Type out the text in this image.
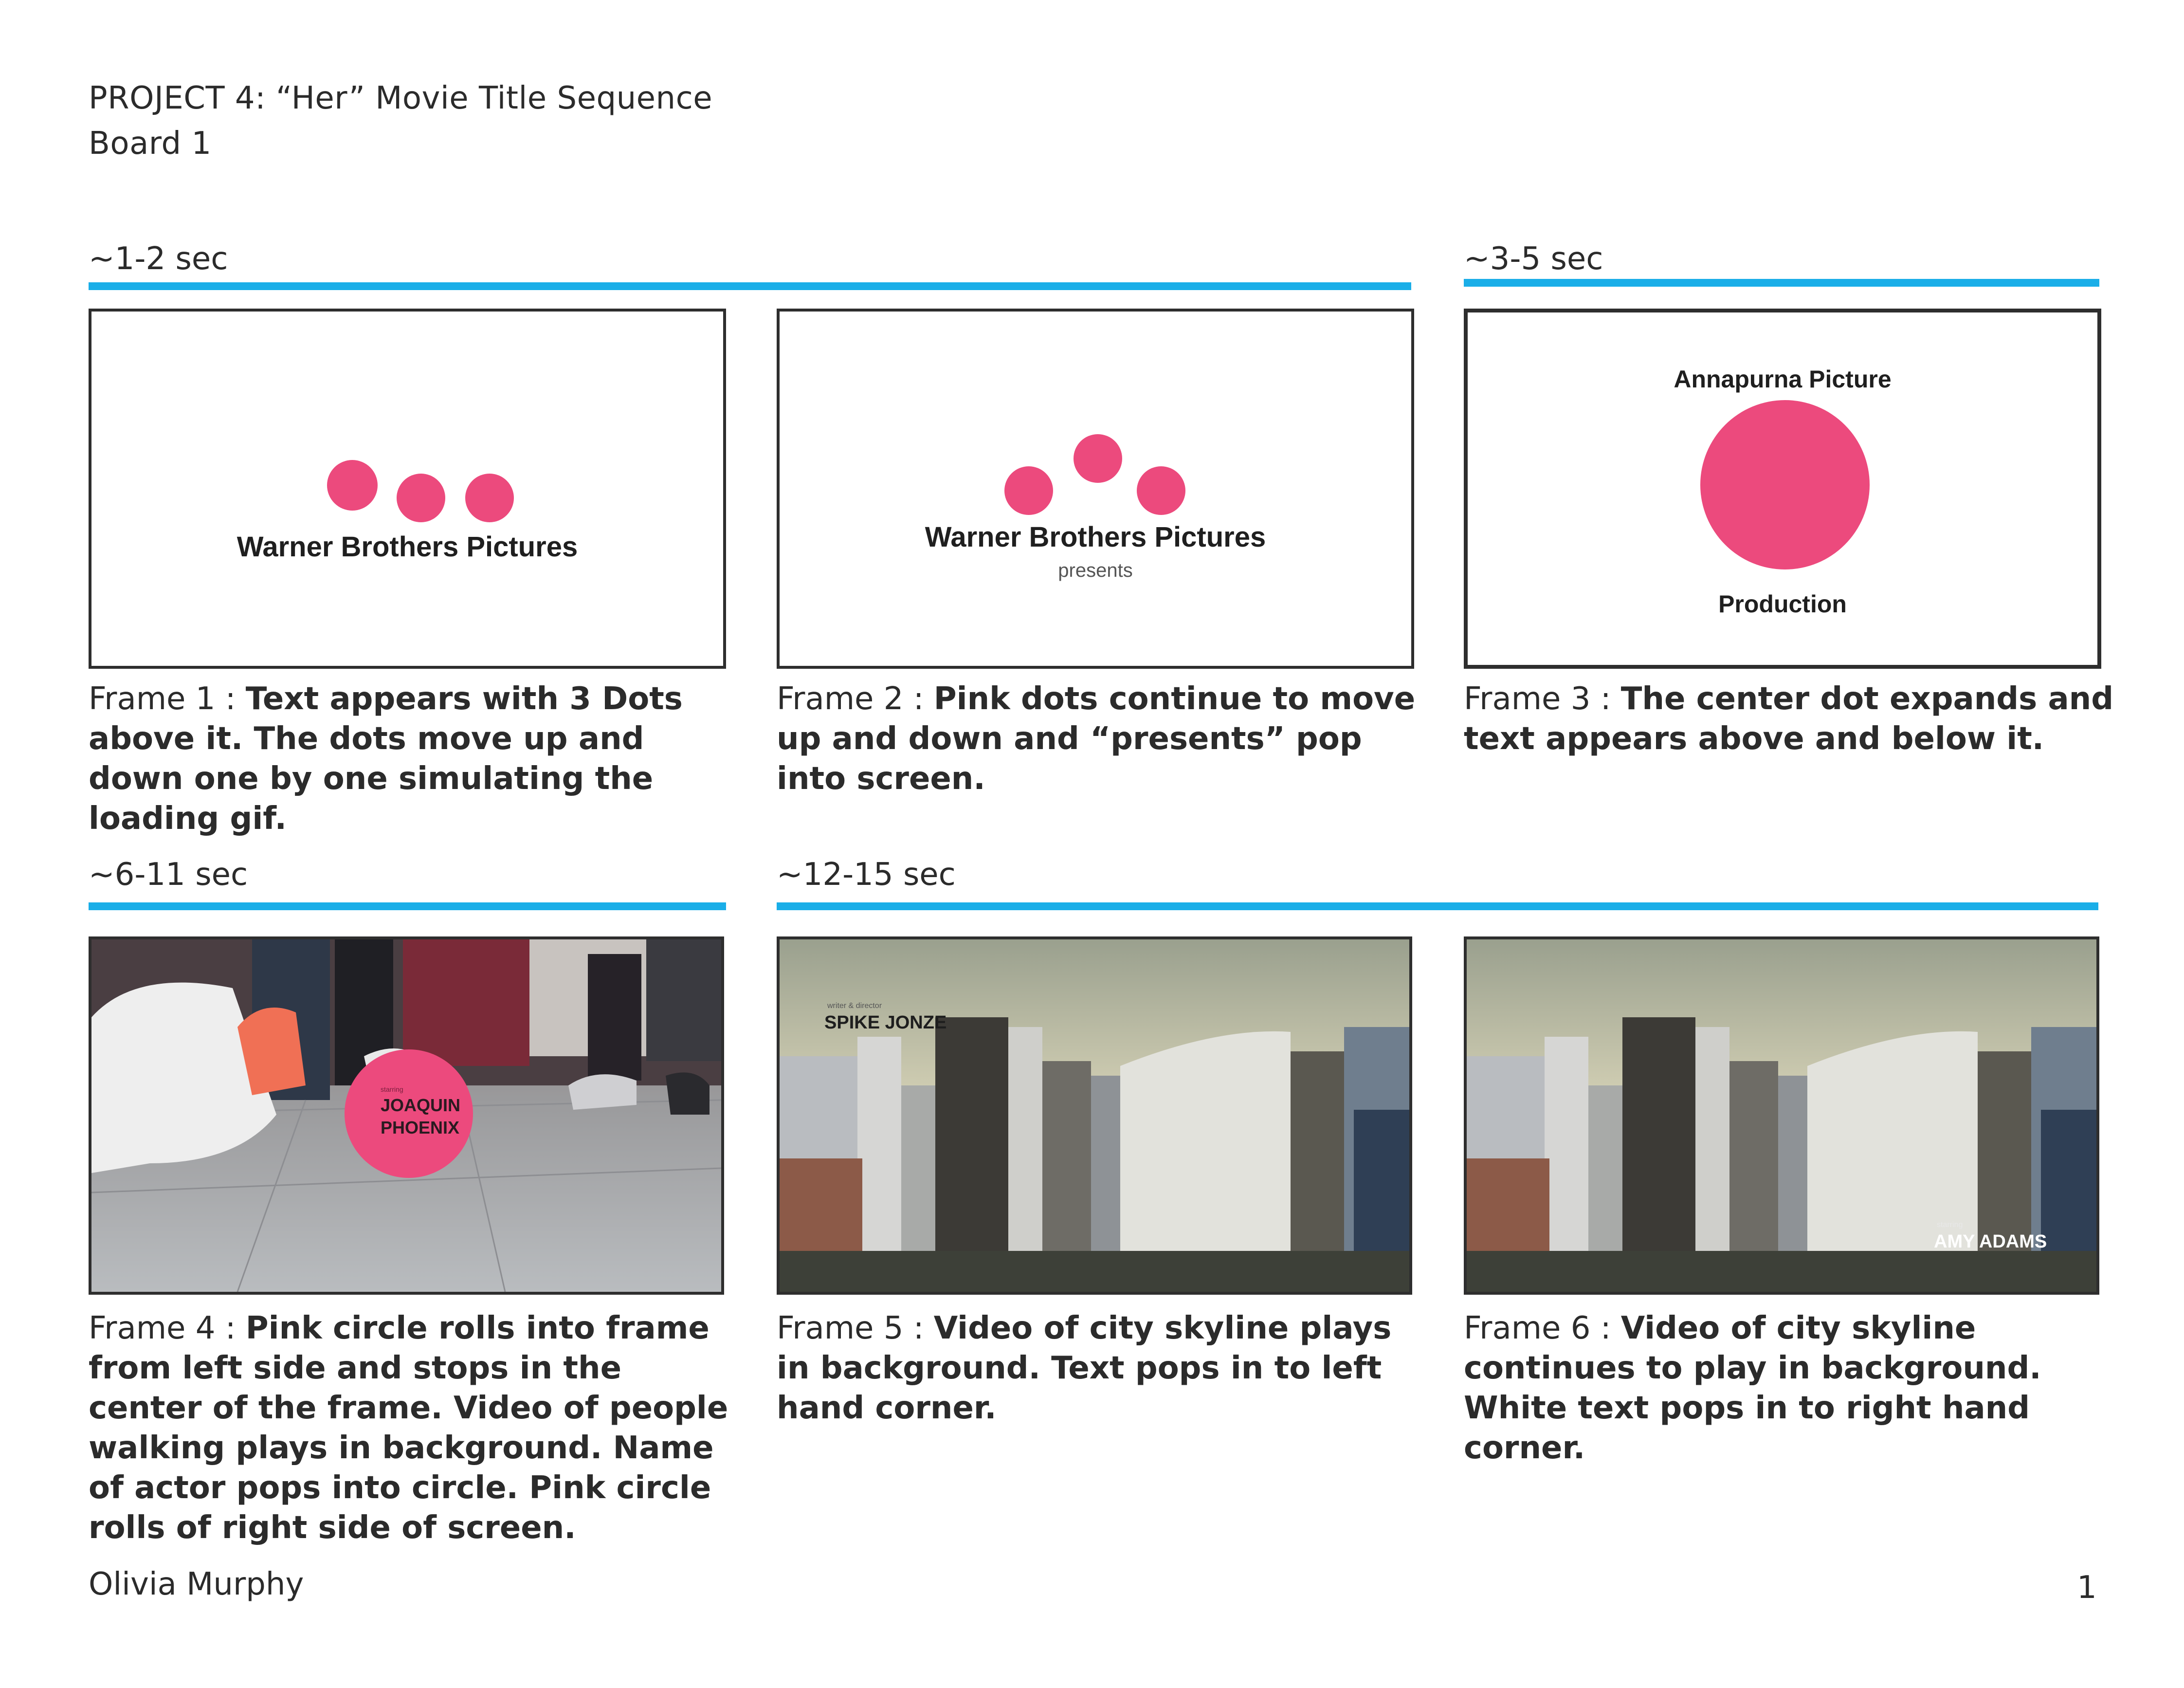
PROJECT 4: “Her” Movie Title Sequence
Board 1
~1-2 sec	~3-5 sec
Warner Brothers Pictures
Frame 1 : Text appears with 3 Dots above it. The dots move up and down one by one simulating the loading gif.
Warner Brothers Pictures
presents
Frame 2 : Pink dots continue to move up and down and “presents” pop into screen.
Annapurna Picture
Production
Frame 3 : The center dot expands and text appears above and below it.
~6-11 sec	~12-15 sec
starring
JOAQUIN
PHOENIX
Frame 4 : Pink circle rolls into frame from left side and stops in the center of the frame. Video of people walking plays in background. Name of actor pops into circle. Pink circle rolls of right side of screen.
writer & director
SPIKE JONZE
Frame 5 : Video of city skyline plays in background. Text pops in to left hand corner.
starring
AMY ADAMS
Frame 6 : Video of city skyline continues to play in background. White text pops in to right hand corner.
Olivia Murphy	1
